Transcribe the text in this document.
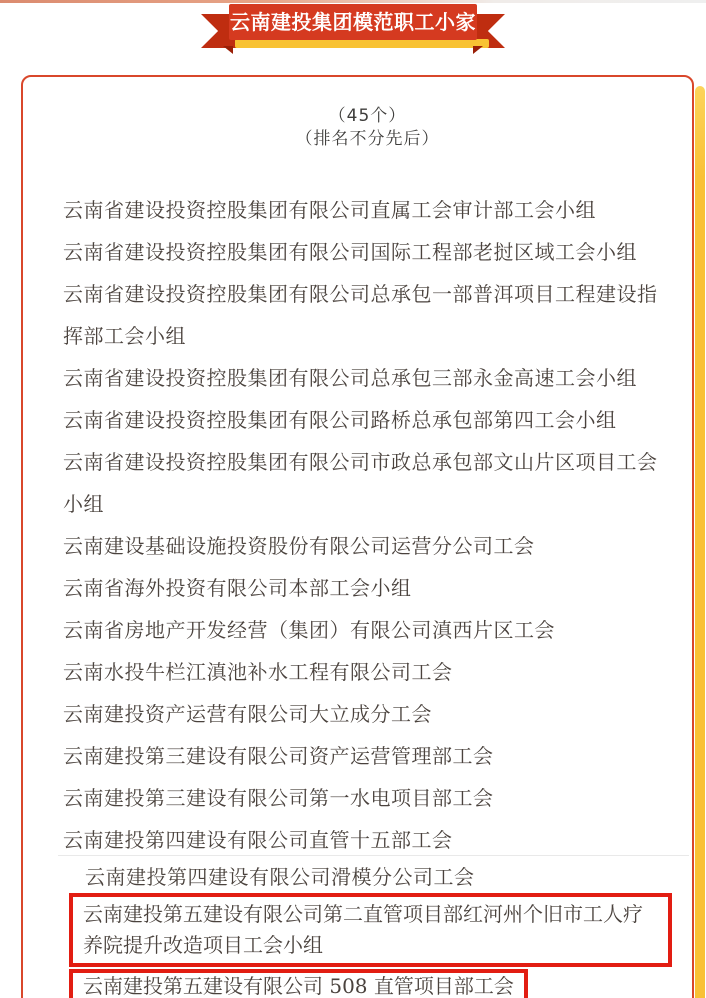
云南建投集团模范职工小家
（45个）
（排名不分先后）
云南省建设投资控股集团有限公司直属工会审计部工会小组
云南省建设投资控股集团有限公司国际工程部老挝区域工会小组
云南省建设投资控股集团有限公司总承包一部普洱项目工程建设指挥部工会小组
云南省建设投资控股集团有限公司总承包三部永金高速工会小组
云南省建设投资控股集团有限公司路桥总承包部第四工会小组
云南省建设投资控股集团有限公司市政总承包部文山片区项目工会小组
云南建设基础设施投资股份有限公司运营分公司工会
云南省海外投资有限公司本部工会小组
云南省房地产开发经营（集团）有限公司滇西片区工会
云南水投牛栏江滇池补水工程有限公司工会
云南建投资产运营有限公司大立成分工会
云南建投第三建设有限公司资产运营管理部工会
云南建投第三建设有限公司第一水电项目部工会
云南建投第四建设有限公司直管十五部工会
云南建投第四建设有限公司滑模分公司工会
云南建投第五建设有限公司第二直管项目部红河州个旧市工人疗养院提升改造项目工会小组
云南建投第五建设有限公司 508 直管项目部工会
